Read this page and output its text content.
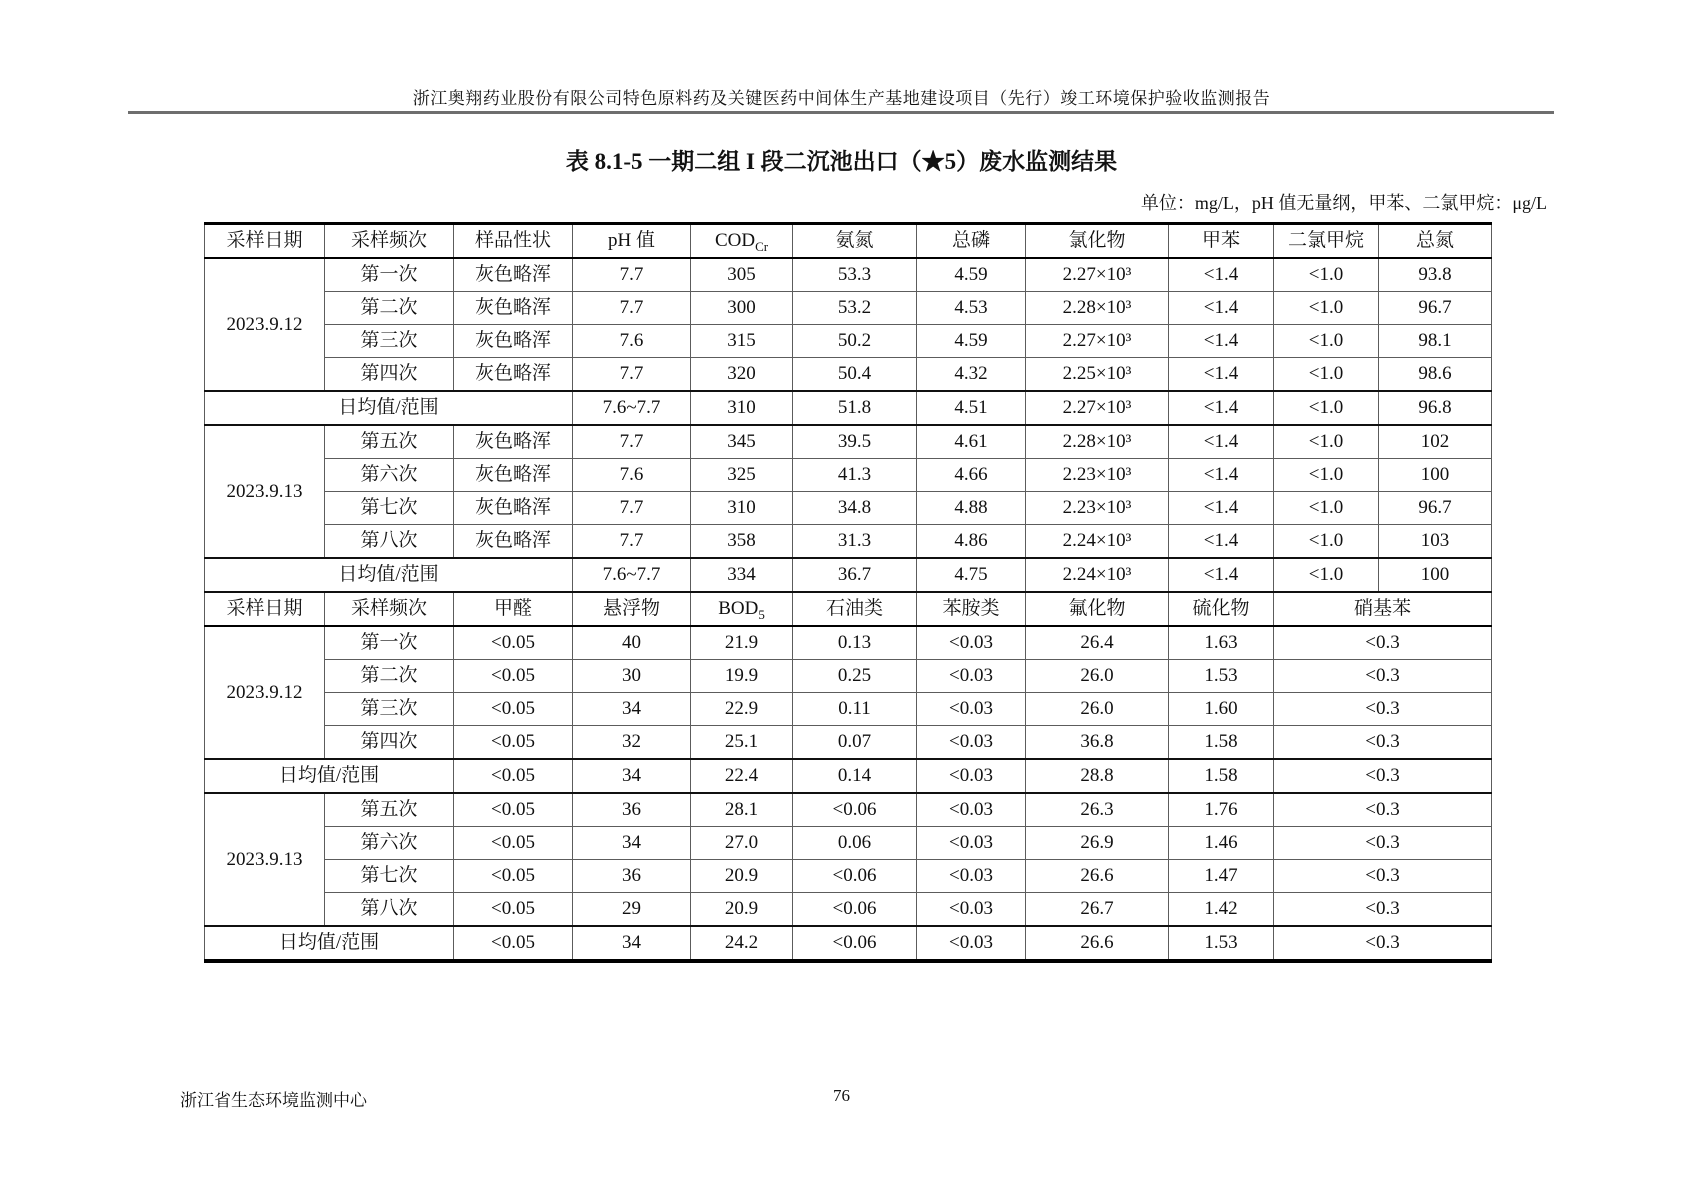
浙江奥翔药业股份有限公司特色原料药及关键医药中间体生产基地建设项目（先行）竣工环境保护验收监测报告
表 8.1-5 一期二组 I 段二沉池出口（★5）废水监测结果
单位：mg/L，pH 值无量纲，甲苯、二氯甲烷：μg/L
采样日期	采样频次	样品性状	pH 值	$COD_{Cr}$	氨氮	总磷	氯化物	甲苯	二氯甲烷	总氮
2023.9.12	第一次	灰色略浑	7.7	305	53.3	4.59	2.27×10³	<1.4	<1.0	93.8
	第二次	灰色略浑	7.7	300	53.2	4.53	2.28×10³	<1.4	<1.0	96.7
	第三次	灰色略浑	7.6	315	50.2	4.59	2.27×10³	<1.4	<1.0	98.1
	第四次	灰色略浑	7.7	320	50.4	4.32	2.25×10³	<1.4	<1.0	98.6
日均值/范围			7.6~7.7	310	51.8	4.51	2.27×10³	<1.4	<1.0	96.8
2023.9.13	第五次	灰色略浑	7.7	345	39.5	4.61	2.28×10³	<1.4	<1.0	102
	第六次	灰色略浑	7.6	325	41.3	4.66	2.23×10³	<1.4	<1.0	100
	第七次	灰色略浑	7.7	310	34.8	4.88	2.23×10³	<1.4	<1.0	96.7
	第八次	灰色略浑	7.7	358	31.3	4.86	2.24×10³	<1.4	<1.0	103
日均值/范围			7.6~7.7	334	36.7	4.75	2.24×10³	<1.4	<1.0	100
采样日期	采样频次	甲醛	悬浮物	$BOD_5$	石油类	苯胺类	氟化物	硫化物	硝基苯	
2023.9.12	第一次	<0.05	40	21.9	0.13	<0.03	26.4	1.63	<0.3	
	第二次	<0.05	30	19.9	0.25	<0.03	26.0	1.53	<0.3	
	第三次	<0.05	34	22.9	0.11	<0.03	26.0	1.60	<0.3	
	第四次	<0.05	32	25.1	0.07	<0.03	36.8	1.58	<0.3	
日均值/范围		<0.05	34	22.4	0.14	<0.03	28.8	1.58	<0.3	
2023.9.13	第五次	<0.05	36	28.1	<0.06	<0.03	26.3	1.76	<0.3	
	第六次	<0.05	34	27.0	0.06	<0.03	26.9	1.46	<0.3	
	第七次	<0.05	36	20.9	<0.06	<0.03	26.6	1.47	<0.3	
	第八次	<0.05	29	20.9	<0.06	<0.03	26.7	1.42	<0.3	
日均值/范围		<0.05	34	24.2	<0.06	<0.03	26.6	1.53	<0.3	
浙江省生态环境监测中心	76
